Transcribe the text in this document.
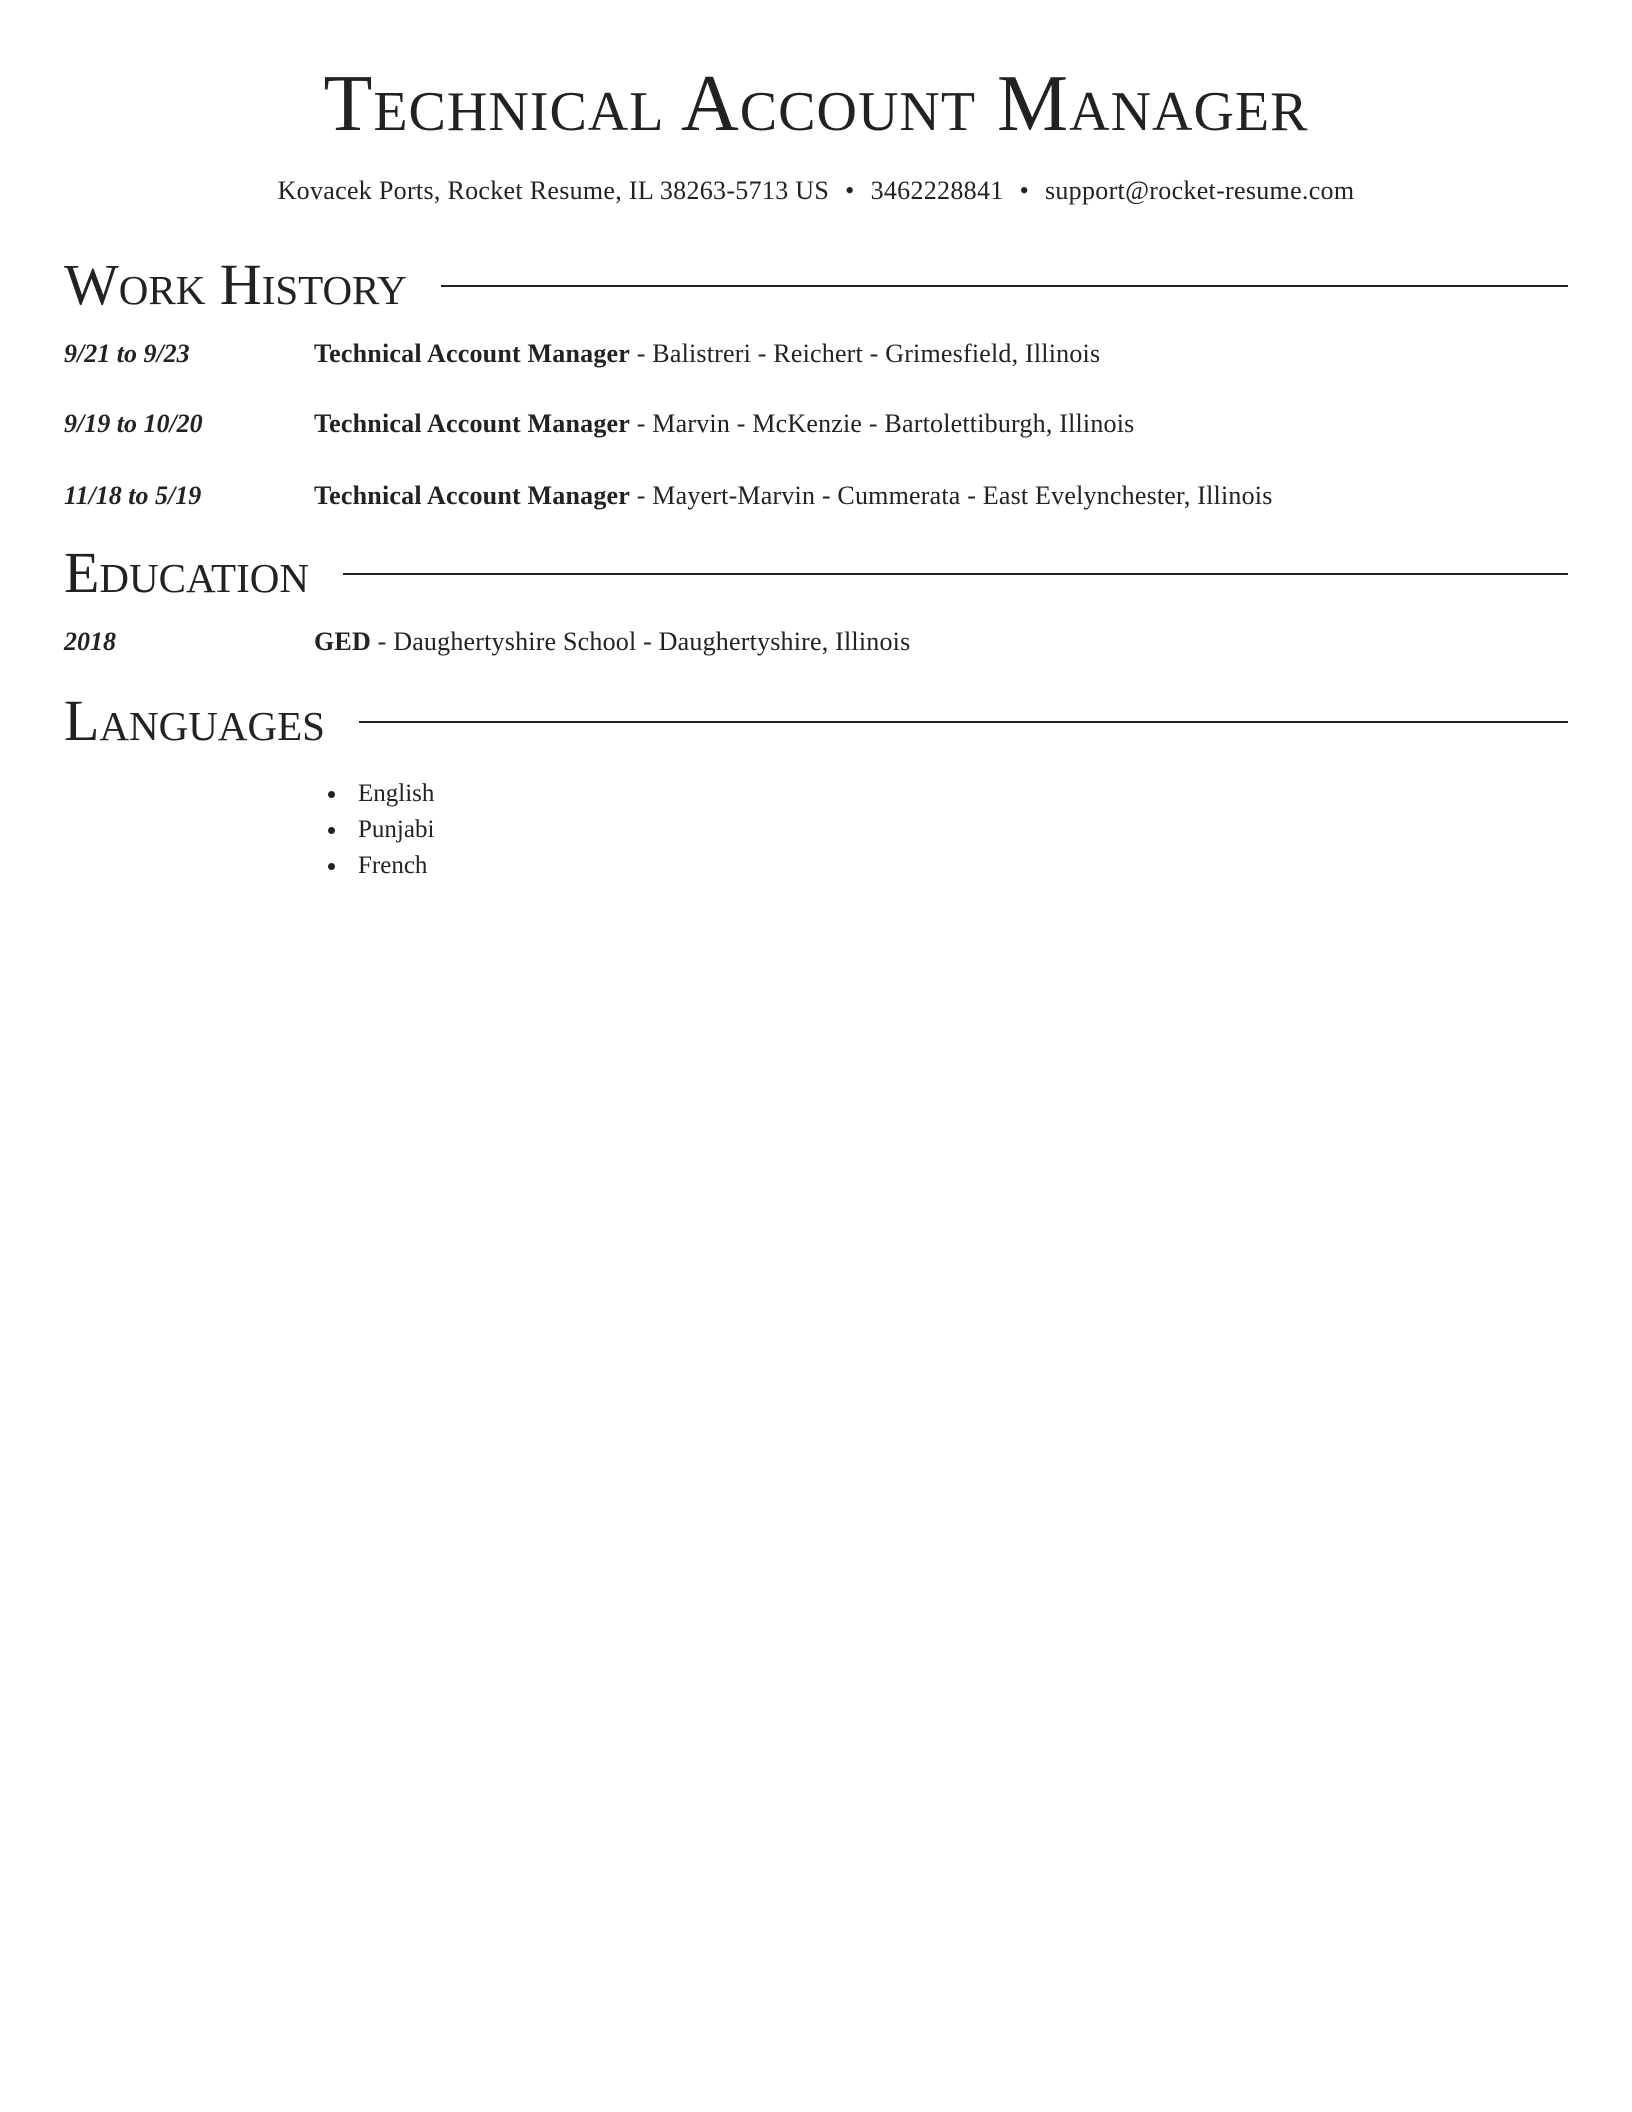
Technical Account Manager
Kovacek Ports, Rocket Resume, IL 38263-5713 US • 3462228841 • support@rocket-resume.com
Work History
9/21 to 9/23	Technical Account Manager - Balistreri - Reichert - Grimesfield, Illinois
9/19 to 10/20	Technical Account Manager - Marvin - McKenzie - Bartolettiburgh, Illinois
11/18 to 5/19	Technical Account Manager - Mayert-Marvin - Cummerata - East Evelynchester, Illinois
Education
2018	GED - Daughertyshire School - Daughertyshire, Illinois
Languages
English
Punjabi
French
